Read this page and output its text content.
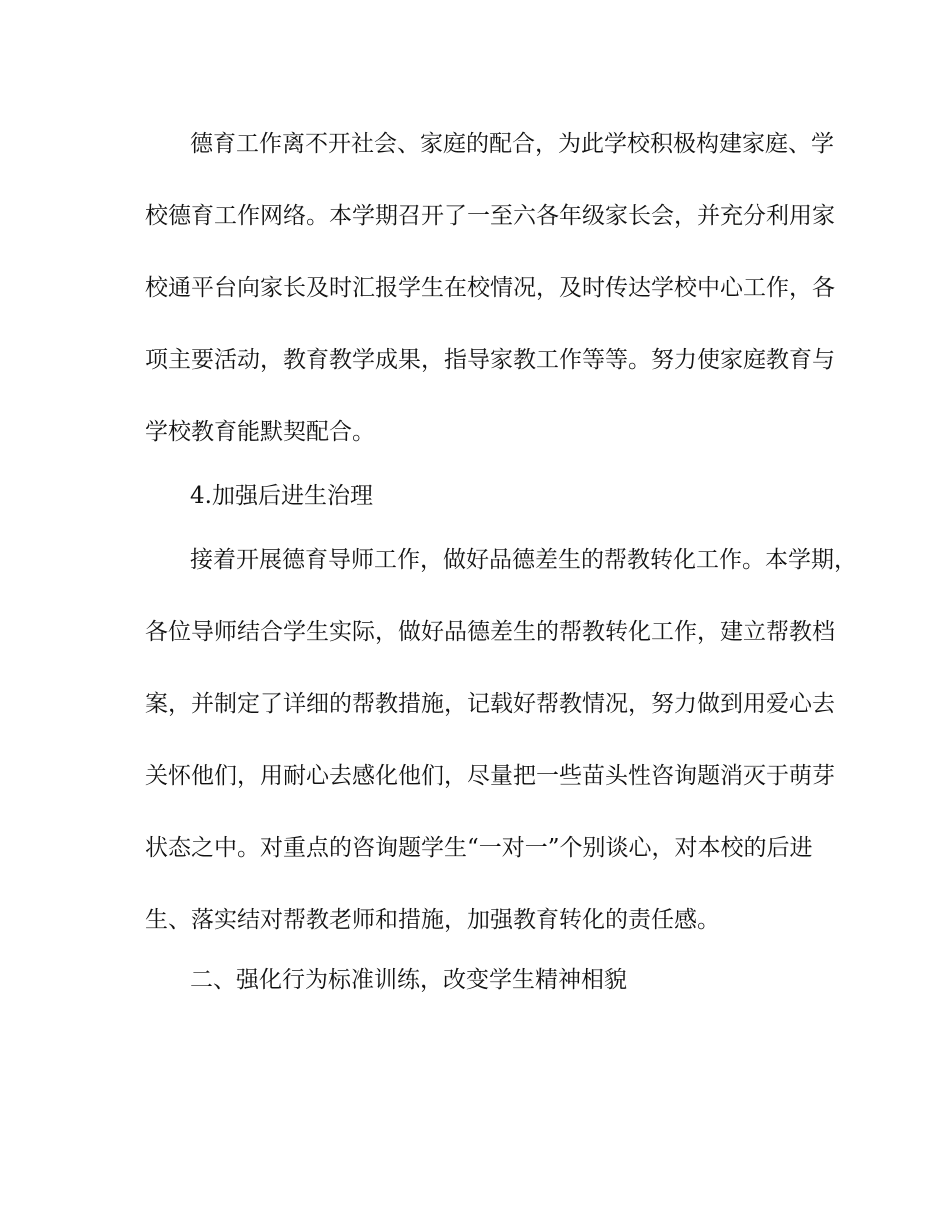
德育工作离不开社会、家庭的配合，为此学校积极构建家庭、学
校德育工作网络。本学期召开了一至六各年级家长会，并充分利用家
校通平台向家长及时汇报学生在校情况，及时传达学校中心工作，各
项主要活动，教育教学成果，指导家教工作等等。努力使家庭教育与
学校教育能默契配合。
4.加强后进生治理
接着开展德育导师工作，做好品德差生的帮教转化工作。本学期，
各位导师结合学生实际，做好品德差生的帮教转化工作，建立帮教档
案，并制定了详细的帮教措施，记载好帮教情况，努力做到用爱心去
关怀他们，用耐心去感化他们，尽量把一些苗头性咨询题消灭于萌芽
状态之中。对重点的咨询题学生“一对一”个别谈心，对本校的后进
生、落实结对帮教老师和措施，加强教育转化的责任感。
二、强化行为标准训练，改变学生精神相貌
